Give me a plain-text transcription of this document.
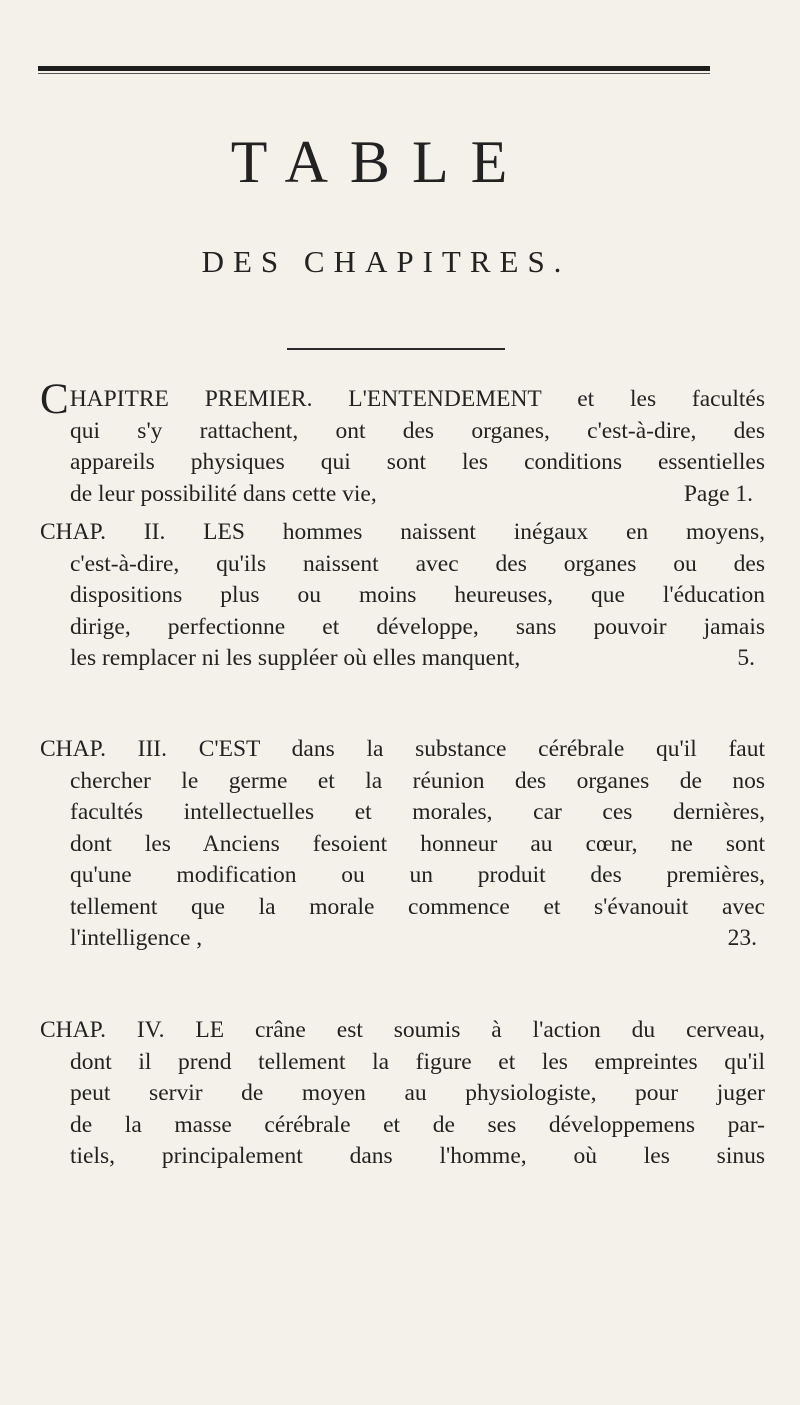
TABLE
DES CHAPITRES.
CHAPITRE PREMIER. L'ENTENDEMENT et les facultés
qui s'y rattachent, ont des organes, c'est-à-dire, des
appareils physiques qui sont les conditions essentielles
de leur possibilité dans cette vie,	Page 1.
CHAP. II. LES hommes naissent inégaux en moyens,
c'est-à-dire, qu'ils naissent avec des organes ou des
dispositions plus ou moins heureuses, que l'éducation
dirige, perfectionne et développe, sans pouvoir jamais
les remplacer ni les suppléer où elles manquent,	5.
CHAP. III. C'EST dans la substance cérébrale qu'il faut
chercher le germe et la réunion des organes de nos
facultés intellectuelles et morales, car ces dernières,
dont les Anciens fesoient honneur au cœur, ne sont
qu'une modification ou un produit des premières,
tellement que la morale commence et s'évanouit avec
l'intelligence ,	23.
CHAP. IV. LE crâne est soumis à l'action du cerveau,
dont il prend tellement la figure et les empreintes qu'il
peut servir de moyen au physiologiste, pour juger
de la masse cérébrale et de ses développemens par-
tiels, principalement dans l'homme, où les sinus
